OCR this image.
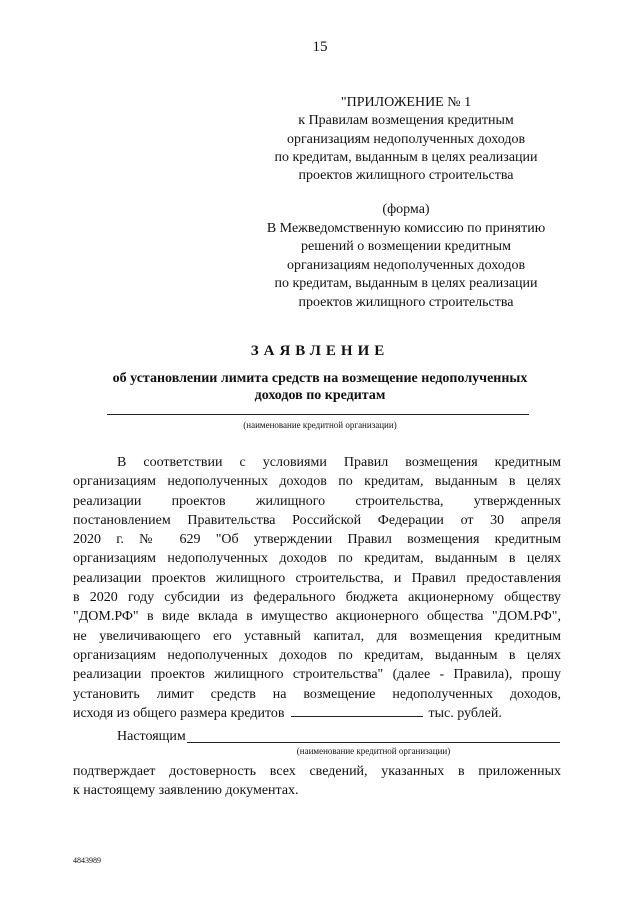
15
"ПРИЛОЖЕНИЕ № 1
к Правилам возмещения кредитным
организациям недополученных доходов
по кредитам, выданным в целях реализации
проектов жилищного строительства
(форма)
В Межведомственную комиссию по принятию
решений о возмещении кредитным
организациям недополученных доходов
по кредитам, выданным в целях реализации
проектов жилищного строительства
ЗАЯВЛЕНИЕ
об установлении лимита средств на возмещение недополученных
доходов по кредитам
(наименование кредитной организации)
В соответствии с условиями Правил возмещения кредитным
организациям недополученных доходов по кредитам, выданным в целях
реализации проектов жилищного строительства, утвержденных
постановлением Правительства Российской Федерации от 30 апреля
2020 г. № 629 "Об утверждении Правил возмещения кредитным
организациям недополученных доходов по кредитам, выданным в целях
реализации проектов жилищного строительства, и Правил предоставления
в 2020 году субсидии из федерального бюджета акционерному обществу
"ДОМ.РФ" в виде вклада в имущество акционерного общества "ДОМ.РФ",
не увеличивающего его уставный капитал, для возмещения кредитным
организациям недополученных доходов по кредитам, выданным в целях
реализации проектов жилищного строительства" (далее - Правила), прошу
установить лимит средств на возмещение недополученных доходов,
исходя из общего размера кредитов	тыс. рублей.
Настоящим
(наименование кредитной организации)
подтверждает достоверность всех сведений, указанных в приложенных
к настоящему заявлению документах.
4843989
